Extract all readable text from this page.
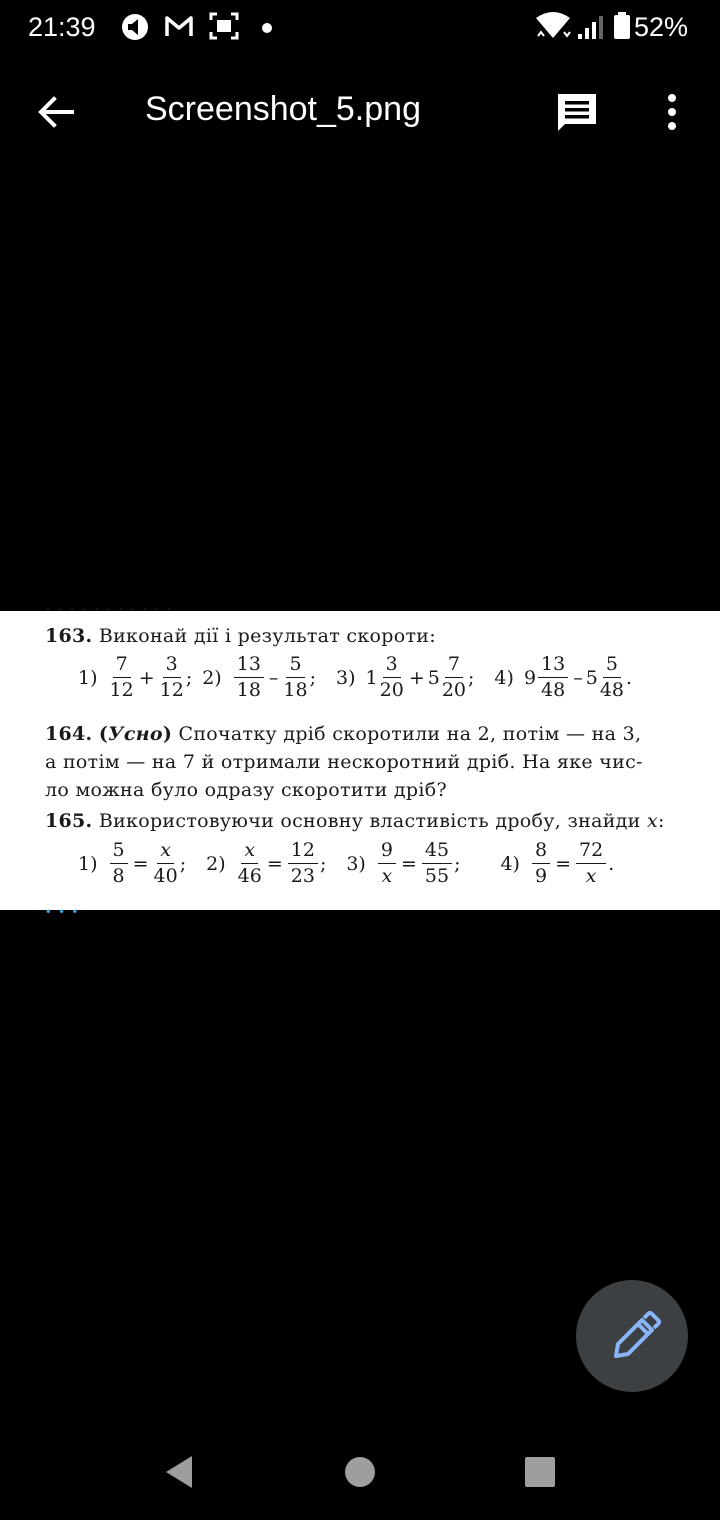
21:39	52%
Screenshot_5.png
· · · · · · · · · · ·
163. Виконай дії і результат скороти:
$1) \frac{7}{12} + \frac{3}{12}$ ; $2) \frac{13}{18} - \frac{5}{18}$ ; 3) $1 \frac{3}{20} + 5 \frac{7}{20}$ ; 4) $9 \frac{13}{48} - 5 \frac{5}{48}$ .
164. (Усно) Спочатку дріб скоротили на 2, потім — на 3,
а потім — на 7 й отримали нескоротний дріб. На яке чис-
ло можна було одразу скоротити дріб?
165. Використовуючи основну властивість дробу, знайди x:
$1) \frac{5}{8} = \frac{x}{40}$ ; $2) \frac{x}{46} = \frac{12}{23}$ ; $3) \frac{9}{x} = \frac{45}{55}$ ; $4) \frac{8}{9} = \frac{72}{x}$ .
· · ·
